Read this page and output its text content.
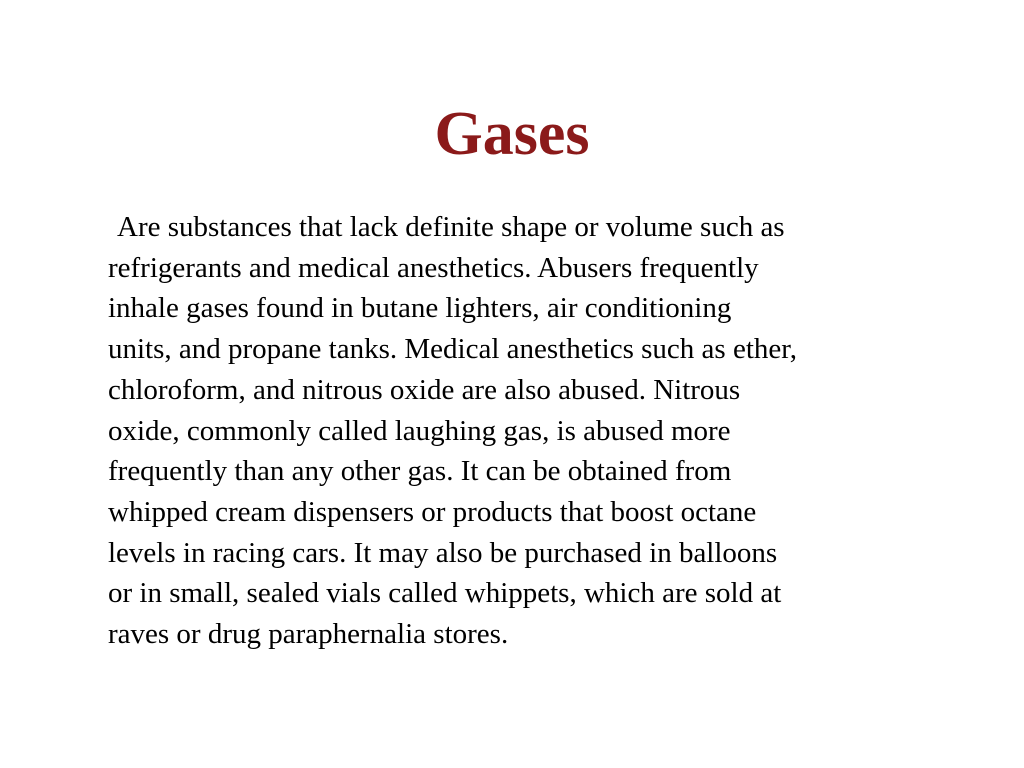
Gases

Are substances that lack definite shape or volume such as
refrigerants and medical anesthetics. Abusers frequently
inhale gases found in butane lighters, air conditioning
units, and propane tanks. Medical anesthetics such as ether,
chloroform, and nitrous oxide are also abused. Nitrous
oxide, commonly called laughing gas, is abused more
frequently than any other gas. It can be obtained from
whipped cream dispensers or products that boost octane
levels in racing cars. It may also be purchased in balloons
or in small, sealed vials called whippets, which are sold at
raves or drug paraphernalia stores.
